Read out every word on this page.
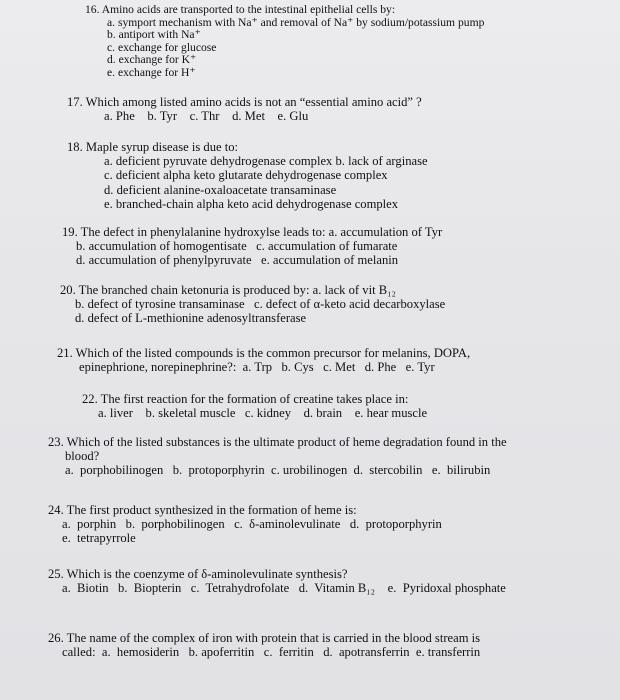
16. Amino acids are transported to the intestinal epithelial cells by:
a. symport mechanism with Na⁺ and removal of Na⁺ by sodium/potassium pump
b. antiport with Na⁺
c. exchange for glucose
d. exchange for K⁺
e. exchange for H⁺
17. Which among listed amino acids is not an “essential amino acid” ?
a. Phe    b. Tyr    c. Thr    d. Met    e. Glu
18. Maple syrup disease is due to:
a. deficient pyruvate dehydrogenase complex b. lack of arginase
c. deficient alpha keto glutarate dehydrogenase complex
d. deficient alanine-oxaloacetate transaminase
e. branched-chain alpha keto acid dehydrogenase complex
19. The defect in phenylalanine hydroxylse leads to: a. accumulation of Tyr
b. accumulation of homogentisate   c. accumulation of fumarate
d. accumulation of phenylpyruvate   e. accumulation of melanin
20. The branched chain ketonuria is produced by: a. lack of vit B₁₂
b. defect of tyrosine transaminase   c. defect of α-keto acid decarboxylase
d. defect of L-methionine adenosyltransferase
21. Which of the listed compounds is the common precursor for melanins, DOPA,
epinephrione, norepinephrine?:  a. Trp   b. Cys   c. Met   d. Phe   e. Tyr
22. The first reaction for the formation of creatine takes place in:
a. liver    b. skeletal muscle   c. kidney    d. brain    e. hear muscle
23. Which of the listed substances is the ultimate product of heme degradation found in the
blood?
a.  porphobilinogen   b.  protoporphyrin  c. urobilinogen  d.  stercobilin   e.  bilirubin
24. The first product synthesized in the formation of heme is:
a.  porphin   b.  porphobilinogen   c.  δ-aminolevulinate   d.  protoporphyrin
e.  tetrapyrrole
25. Which is the coenzyme of δ-aminolevulinate synthesis?
a.  Biotin   b.  Biopterin   c.  Tetrahydrofolate   d.  Vitamin B₁₂    e.  Pyridoxal phosphate
26. The name of the complex of iron with protein that is carried in the blood stream is
called:  a.  hemosiderin   b. apoferritin   c.  ferritin   d.  apotransferrin  e. transferrin
